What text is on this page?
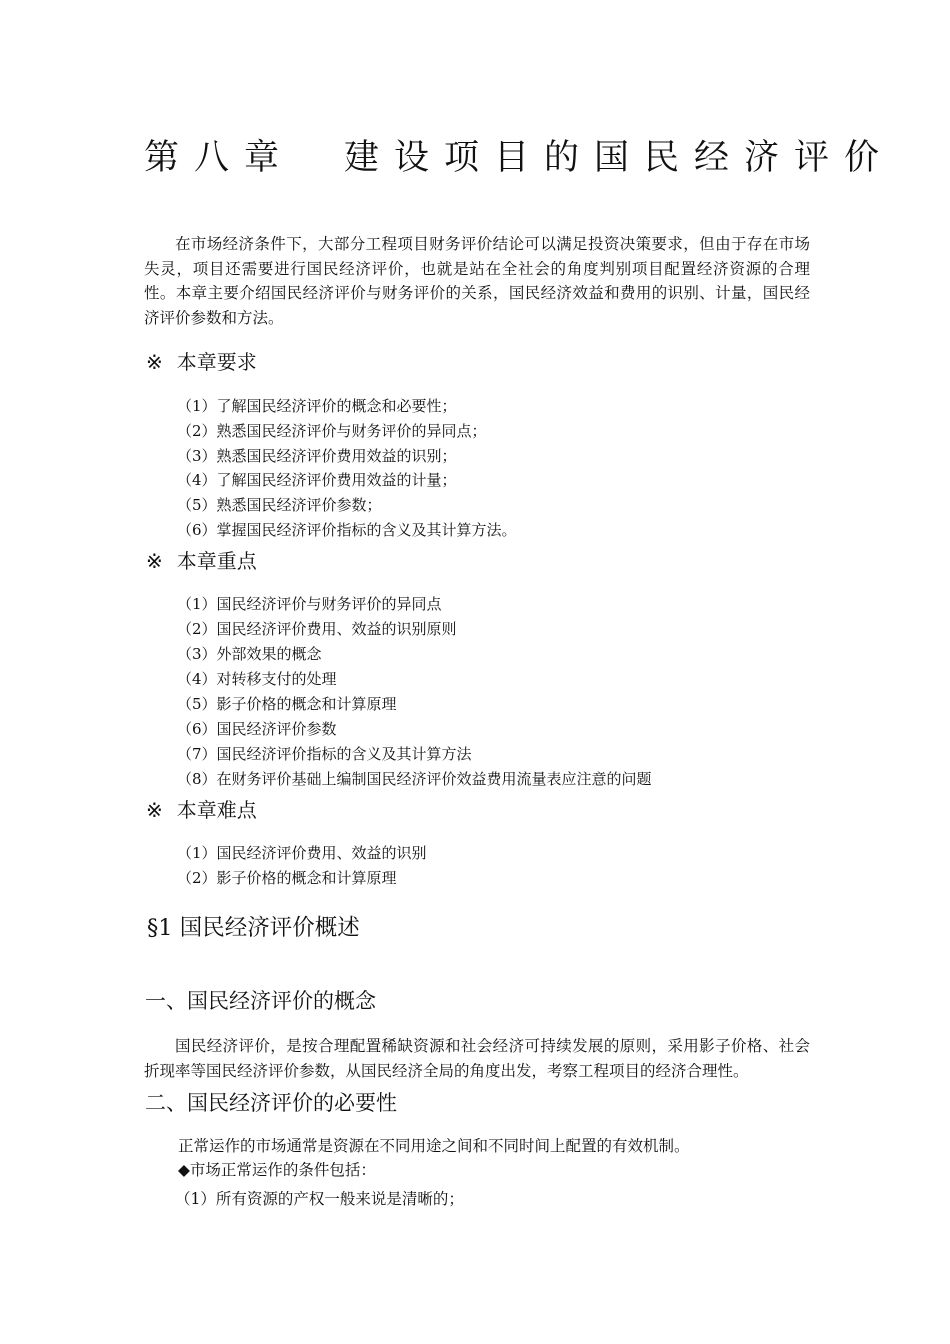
第八章　建设项目的国民经济评价

在市场经济条件下，大部分工程项目财务评价结论可以满足投资决策要求，但由于存在市场失灵，项目还需要进行国民经济评价，也就是站在全社会的角度判别项目配置经济资源的合理性。本章主要介绍国民经济评价与财务评价的关系，国民经济效益和费用的识别、计量，国民经济评价参数和方法。

※ 本章要求
（1）了解国民经济评价的概念和必要性；
（2）熟悉国民经济评价与财务评价的异同点；
（3）熟悉国民经济评价费用效益的识别；
（4）了解国民经济评价费用效益的计量；
（5）熟悉国民经济评价参数；
（6）掌握国民经济评价指标的含义及其计算方法。
※ 本章重点
（1）国民经济评价与财务评价的异同点
（2）国民经济评价费用、效益的识别原则
（3）外部效果的概念
（4）对转移支付的处理
（5）影子价格的概念和计算原理
（6）国民经济评价参数
（7）国民经济评价指标的含义及其计算方法
（8）在财务评价基础上编制国民经济评价效益费用流量表应注意的问题
※ 本章难点
（1）国民经济评价费用、效益的识别
（2）影子价格的概念和计算原理
§1 国民经济评价概述
一、国民经济评价的概念

国民经济评价，是按合理配置稀缺资源和社会经济可持续发展的原则，采用影子价格、社会折现率等国民经济评价参数，从国民经济全局的角度出发，考察工程项目的经济合理性。

二、国民经济评价的必要性
正常运作的市场通常是资源在不同用途之间和不同时间上配置的有效机制。
◆市场正常运作的条件包括：
（1）所有资源的产权一般来说是清晰的；
